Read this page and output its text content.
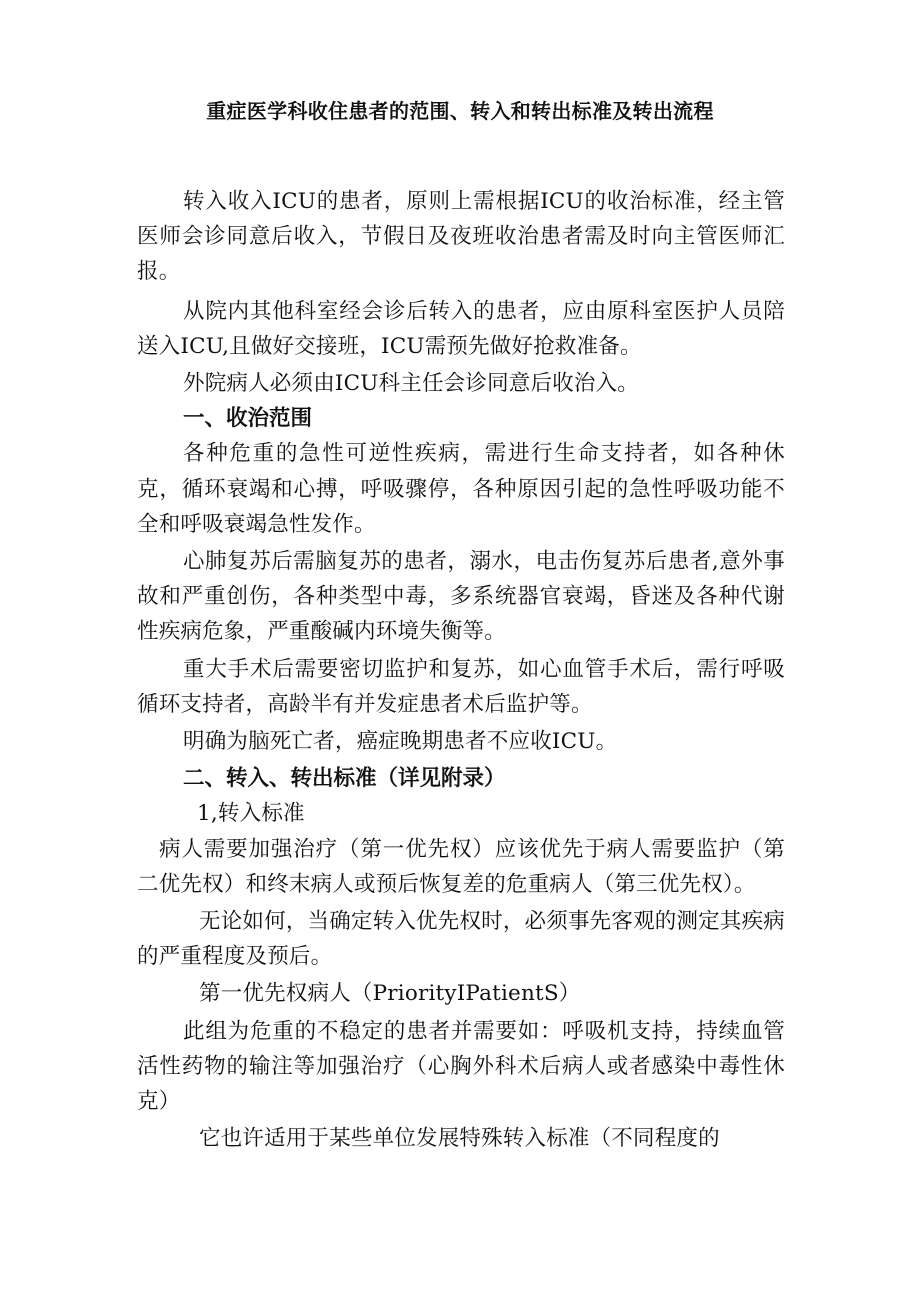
重症医学科收住患者的范围、转入和转出标准及转出流程

转入收入ICU的患者，原则上需根据ICU的收治标准，经主管医师会诊同意后收入，节假日及夜班收治患者需及时向主管医师汇报。

从院内其他科室经会诊后转入的患者，应由原科室医护人员陪送入ICU,且做好交接班，ICU需预先做好抢救准备。

外院病人必须由ICU科主任会诊同意后收治入。

一、收治范围

各种危重的急性可逆性疾病，需进行生命支持者，如各种休克，循环衰竭和心搏，呼吸骤停，各种原因引起的急性呼吸功能不全和呼吸衰竭急性发作。

心肺复苏后需脑复苏的患者，溺水，电击伤复苏后患者,意外事故和严重创伤，各种类型中毒，多系统器官衰竭，昏迷及各种代谢性疾病危象，严重酸碱内环境失衡等。

重大手术后需要密切监护和复苏，如心血管手术后，需行呼吸循环支持者，高龄半有并发症患者术后监护等。

明确为脑死亡者，癌症晚期患者不应收ICU。

二、转入、转出标准（详见附录）

1,转入标准

病人需要加强治疗（第一优先权）应该优先于病人需要监护（第二优先权）和终末病人或预后恢复差的危重病人（第三优先权）。

无论如何，当确定转入优先权时，必须事先客观的测定其疾病的严重程度及预后。

第一优先权病人（PriorityIPatientS）

此组为危重的不稳定的患者并需要如：呼吸机支持，持续血管活性药物的输注等加强治疗（心胸外科术后病人或者感染中毒性休克）

它也许适用于某些单位发展特殊转入标准（不同程度的
